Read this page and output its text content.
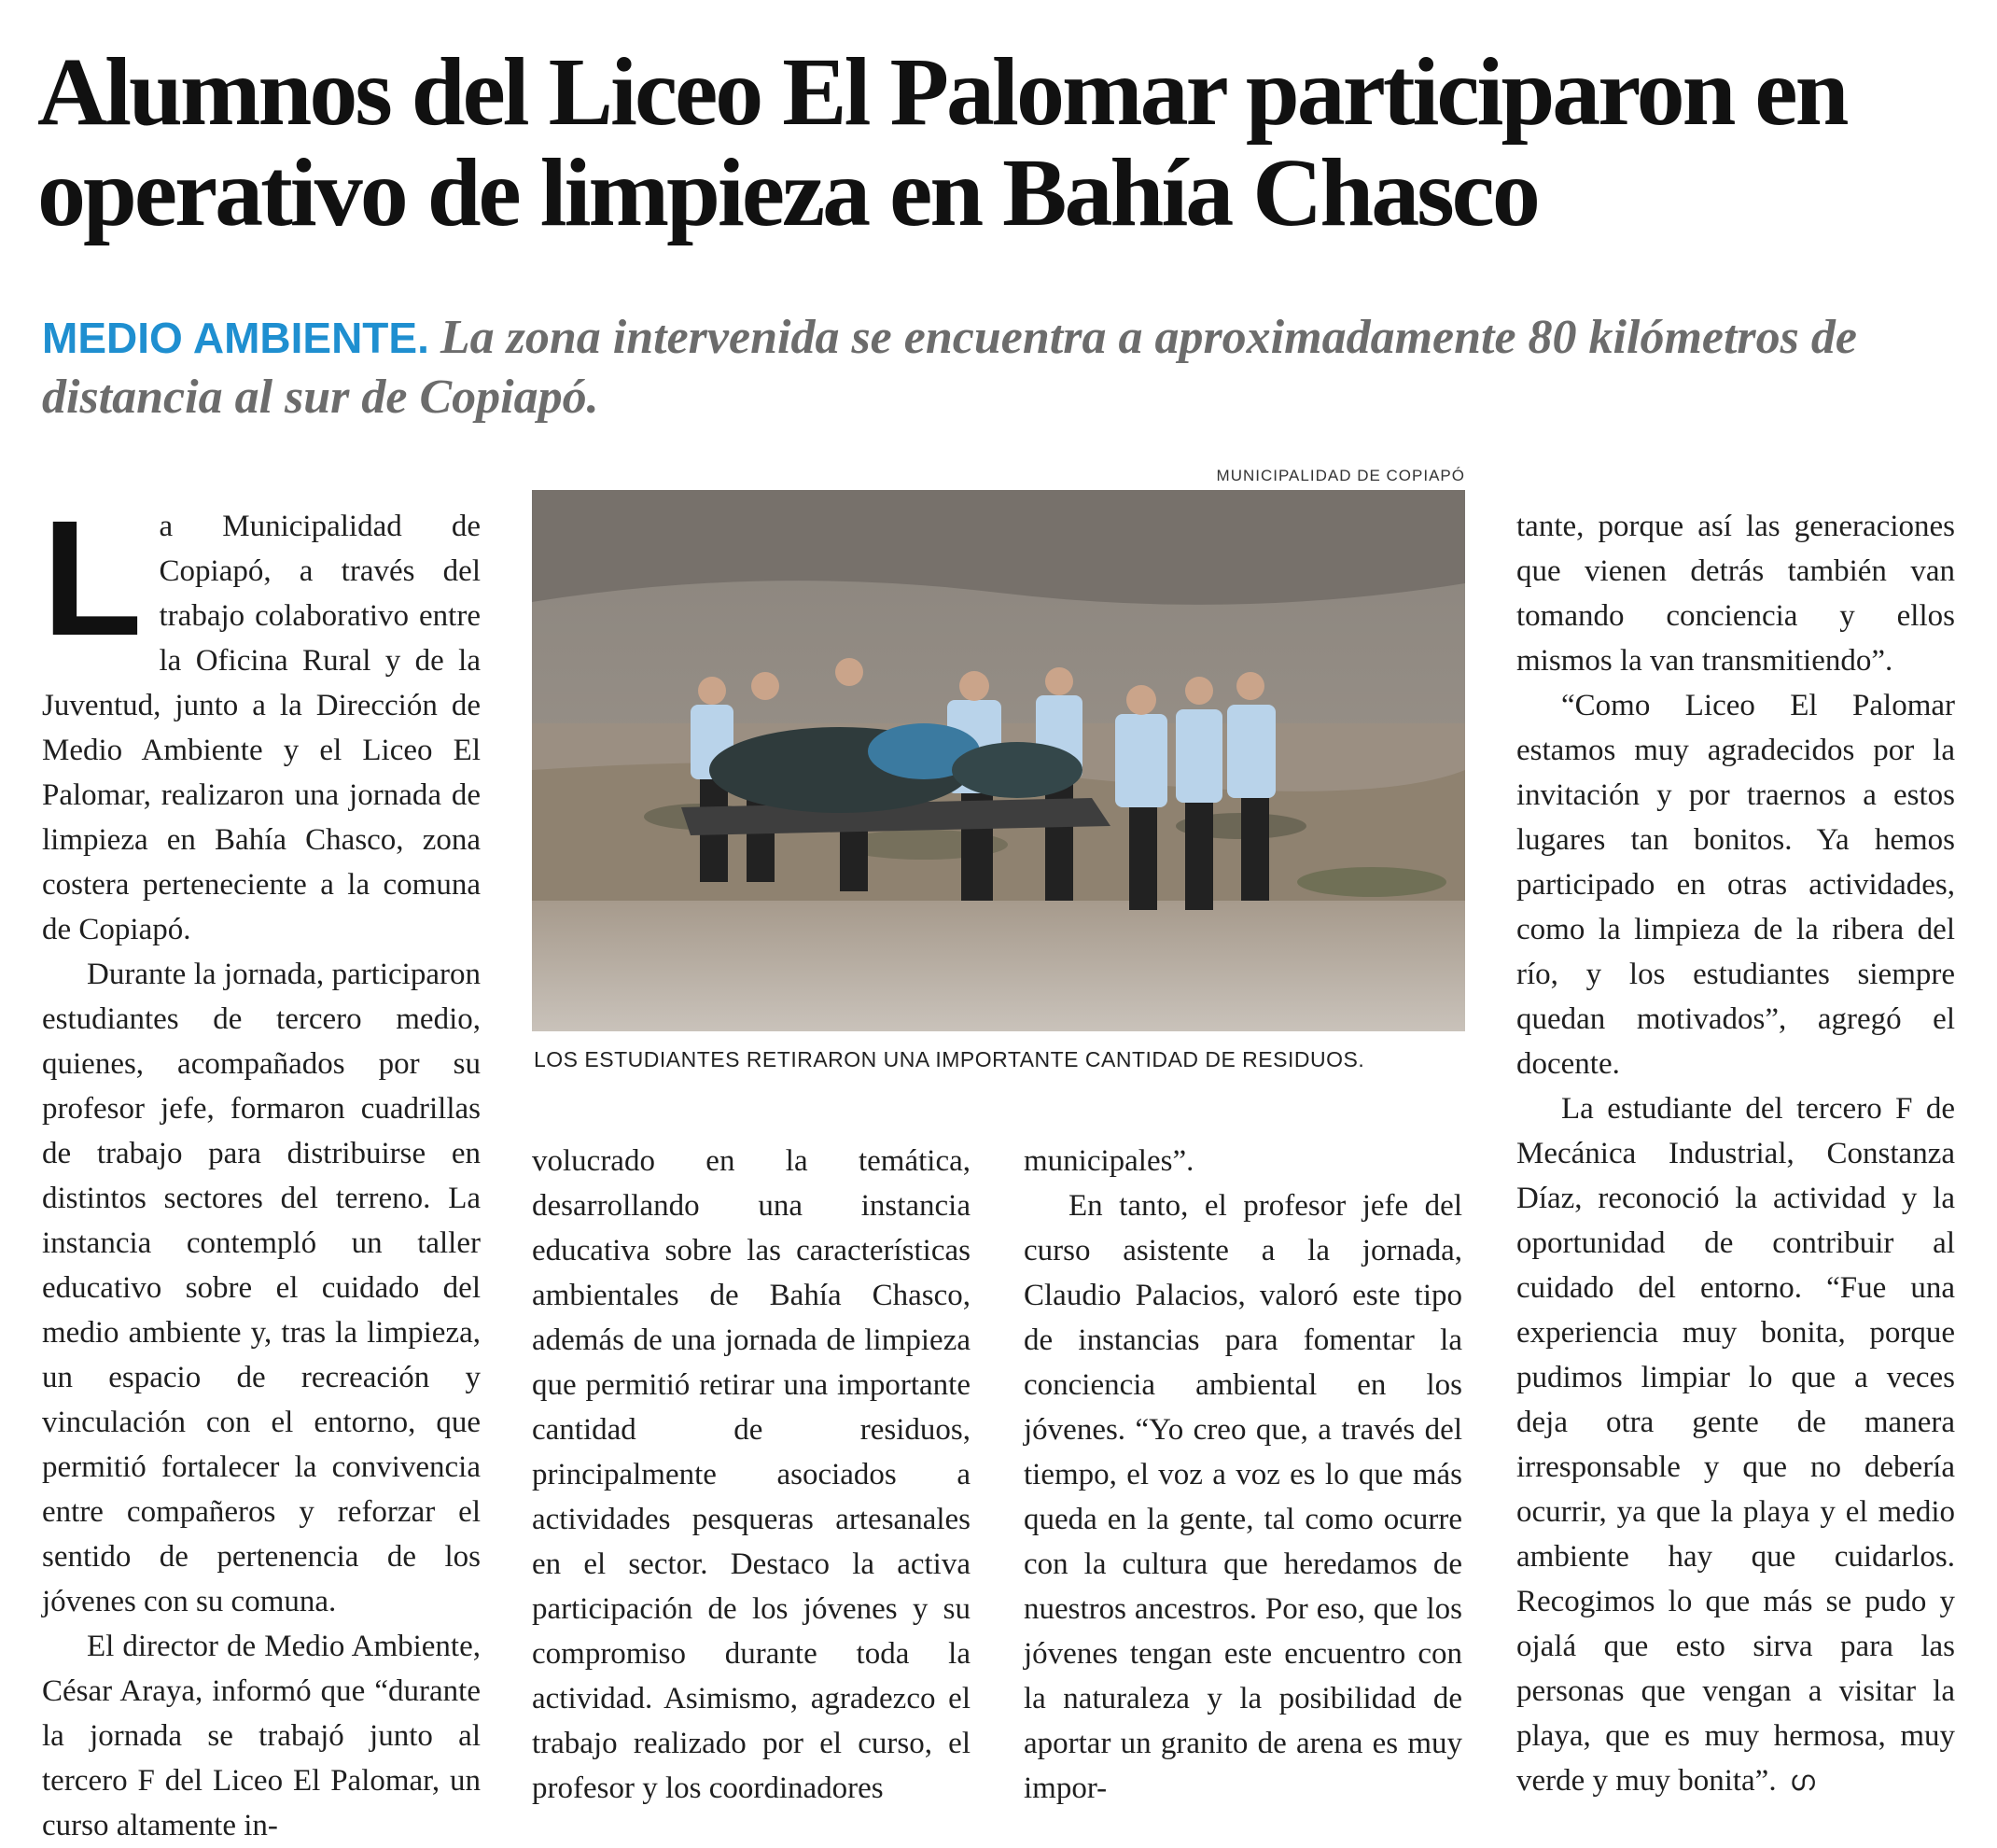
Alumnos del Liceo El Palomar participaron en operativo de limpieza en Bahía Chasco
MEDIO AMBIENTE. La zona intervenida se encuentra a aproximadamente 80 kilómetros de distancia al sur de Copiapó.
MUNICIPALIDAD DE COPIAPÓ
LOS ESTUDIANTES RETIRARON UNA IMPORTANTE CANTIDAD DE RESIDUOS.
L a Municipalidad de Copiapó, a través del trabajo colaborativo entre la Oficina Rural y de la Juventud, junto a la Dirección de Medio Ambiente y el Liceo El Palomar, realizaron una jornada de limpieza en Bahía Chasco, zona costera perteneciente a la comuna de Copiapó.

Durante la jornada, participaron estudiantes de tercero medio, quienes, acompañados por su profesor jefe, formaron cuadrillas de trabajo para distribuirse en distintos sectores del terreno. La instancia contempló un taller educativo sobre el cuidado del medio ambiente y, tras la limpieza, un espacio de recreación y vinculación con el entorno, que permitió fortalecer la convivencia entre compañeros y reforzar el sentido de pertenencia de los jóvenes con su comuna.

El director de Medio Ambiente, César Araya, informó que “durante la jornada se trabajó junto al tercero F del Liceo El Palomar, un curso altamente in-

volucrado en la temática, desarrollando una instancia educativa sobre las características ambientales de Bahía Chasco, además de una jornada de limpieza que permitió retirar una importante cantidad de residuos, principalmente asociados a actividades pesqueras artesanales en el sector. Destaco la activa participación de los jóvenes y su compromiso durante toda la actividad. Asimismo, agradezco el trabajo realizado por el curso, el profesor y los coordinadores

municipales”.

En tanto, el profesor jefe del curso asistente a la jornada, Claudio Palacios, valoró este tipo de instancias para fomentar la conciencia ambiental en los jóvenes. “Yo creo que, a través del tiempo, el voz a voz es lo que más queda en la gente, tal como ocurre con la cultura que heredamos de nuestros ancestros. Por eso, que los jóvenes tengan este encuentro con la naturaleza y la posibilidad de aportar un granito de arena es muy impor-

tante, porque así las generaciones que vienen detrás también van tomando conciencia y ellos mismos la van transmitiendo”.

“Como Liceo El Palomar estamos muy agradecidos por la invitación y por traernos a estos lugares tan bonitos. Ya hemos participado en otras actividades, como la limpieza de la ribera del río, y los estudiantes siempre quedan motivados”, agregó el docente.

La estudiante del tercero F de Mecánica Industrial, Constanza Díaz, reconoció la actividad y la oportunidad de contribuir al cuidado del entorno. “Fue una experiencia muy bonita, porque pudimos limpiar lo que a veces deja otra gente de manera irresponsable y que no debería ocurrir, ya que la playa y el medio ambiente hay que cuidarlos. Recogimos lo que más se pudo y ojalá que esto sirva para las personas que vengan a visitar la playa, que es muy hermosa, muy verde y muy bonita”. ഗ
